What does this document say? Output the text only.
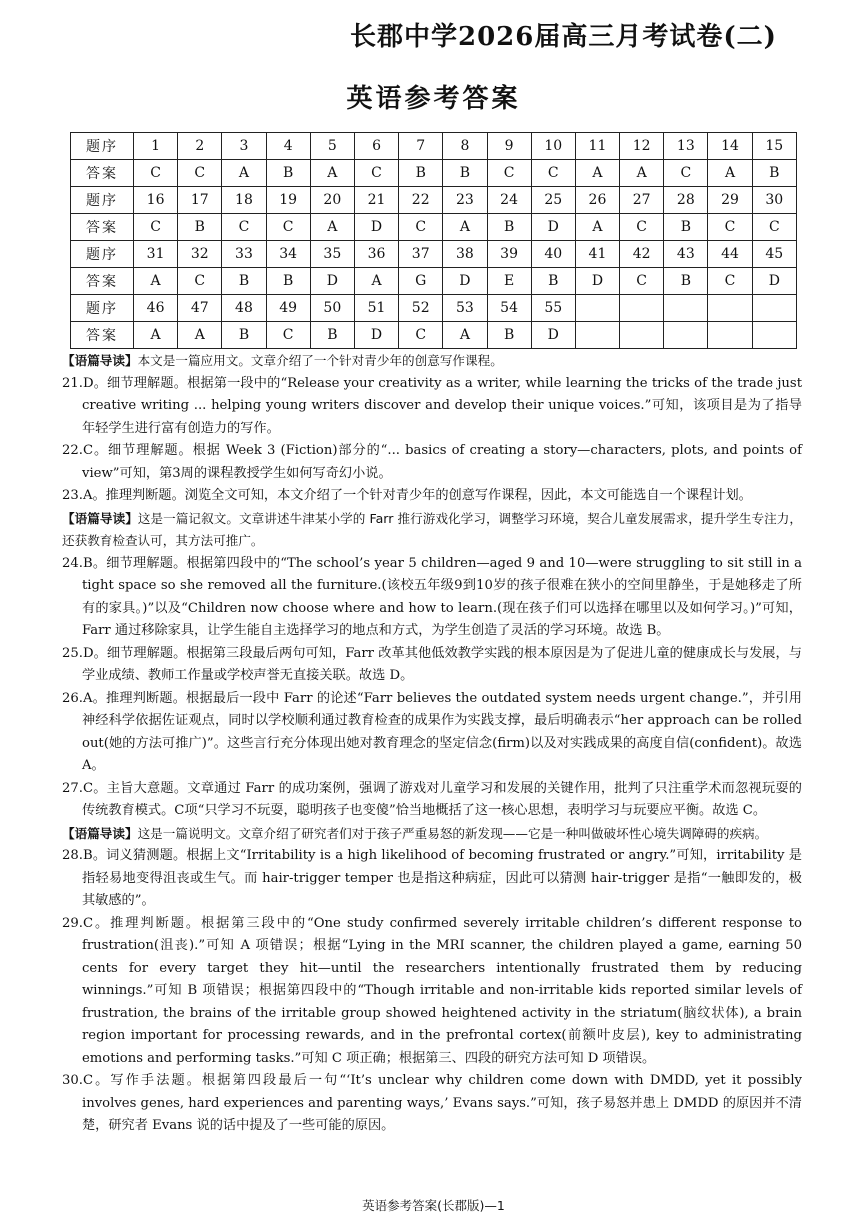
长郡中学2026届高三月考试卷(二)
英语参考答案
题序	1	2	3	4	5	6	7	8	9	10	11	12	13	14	15
答案	C	C	A	B	A	C	B	B	C	C	A	A	C	A	B
题序	16	17	18	19	20	21	22	23	24	25	26	27	28	29	30
答案	C	B	C	C	A	D	C	A	B	D	A	C	B	C	C
题序	31	32	33	34	35	36	37	38	39	40	41	42	43	44	45
答案	A	C	B	B	D	A	G	D	E	B	D	C	B	C	D
题序	46	47	48	49	50	51	52	53	54	55					
答案	A	A	B	C	B	D	C	A	B	D					

【语篇导读】本文是一篇应用文。文章介绍了一个针对青少年的创意写作课程。

21.D。细节理解题。根据第一段中的“Release your creativity as a writer, while learning the tricks of the trade just creative writing ... helping young writers discover and develop their unique voices.”可知，该项目是为了指导年轻学生进行富有创造力的写作。

22.C。细节理解题。根据 Week 3 (Fiction)部分的“... basics of creating a story—characters, plots, and points of view”可知，第3周的课程教授学生如何写奇幻小说。

23.A。推理判断题。浏览全文可知，本文介绍了一个针对青少年的创意写作课程，因此，本文可能选自一个课程计划。

【语篇导读】这是一篇记叙文。文章讲述牛津某小学的 Farr 推行游戏化学习，调整学习环境，契合儿童发展需求，提升学生专注力，还获教育检查认可，其方法可推广。

24.B。细节理解题。根据第四段中的“The school’s year 5 children—aged 9 and 10—were struggling to sit still in a tight space so she removed all the furniture.(该校五年级9到10岁的孩子很难在狭小的空间里静坐，于是她移走了所有的家具。)”以及“Children now choose where and how to learn.(现在孩子们可以选择在哪里以及如何学习。)”可知，Farr 通过移除家具，让学生能自主选择学习的地点和方式，为学生创造了灵活的学习环境。故选 B。

25.D。细节理解题。根据第三段最后两句可知，Farr 改革其他低效教学实践的根本原因是为了促进儿童的健康成长与发展，与学业成绩、教师工作量或学校声誉无直接关联。故选 D。

26.A。推理判断题。根据最后一段中 Farr 的论述“Farr believes the outdated system needs urgent change.”，并引用神经科学依据佐证观点，同时以学校顺利通过教育检查的成果作为实践支撑，最后明确表示“her approach can be rolled out(她的方法可推广)”。这些言行充分体现出她对教育理念的坚定信念(firm)以及对实践成果的高度自信(confident)。故选 A。

27.C。主旨大意题。文章通过 Farr 的成功案例，强调了游戏对儿童学习和发展的关键作用，批判了只注重学术而忽视玩耍的传统教育模式。C项“只学习不玩耍，聪明孩子也变傻”恰当地概括了这一核心思想，表明学习与玩要应平衡。故选 C。

【语篇导读】这是一篇说明文。文章介绍了研究者们对于孩子严重易怒的新发现——它是一种叫做破坏性心境失调障碍的疾病。

28.B。词义猜测题。根据上文“Irritability is a high likelihood of becoming frustrated or angry.”可知，irritability 是指轻易地变得沮丧或生气。而 hair-trigger temper 也是指这种病症，因此可以猜测 hair-trigger 是指“一触即发的，极其敏感的”。

29.C。推理判断题。根据第三段中的“One study confirmed severely irritable children’s different response to frustration(沮丧).”可知 A 项错误；根据“Lying in the MRI scanner, the children played a game, earning 50 cents for every target they hit—until the researchers intentionally frustrated them by reducing winnings.”可知 B 项错误；根据第四段中的“Though irritable and non-irritable kids reported similar levels of frustration, the brains of the irritable group showed heightened activity in the striatum(脑纹状体), a brain region important for processing rewards, and in the prefrontal cortex(前额叶皮层), key to administrating emotions and performing tasks.”可知 C 项正确；根据第三、四段的研究方法可知 D 项错误。

30.C。写作手法题。根据第四段最后一句“‘It’s unclear why children come down with DMDD, yet it possibly involves genes, hard experiences and parenting ways,’ Evans says.”可知，孩子易怒并患上 DMDD 的原因并不清楚，研究者 Evans 说的话中提及了一些可能的原因。

英语参考答案(长郡版)—1
